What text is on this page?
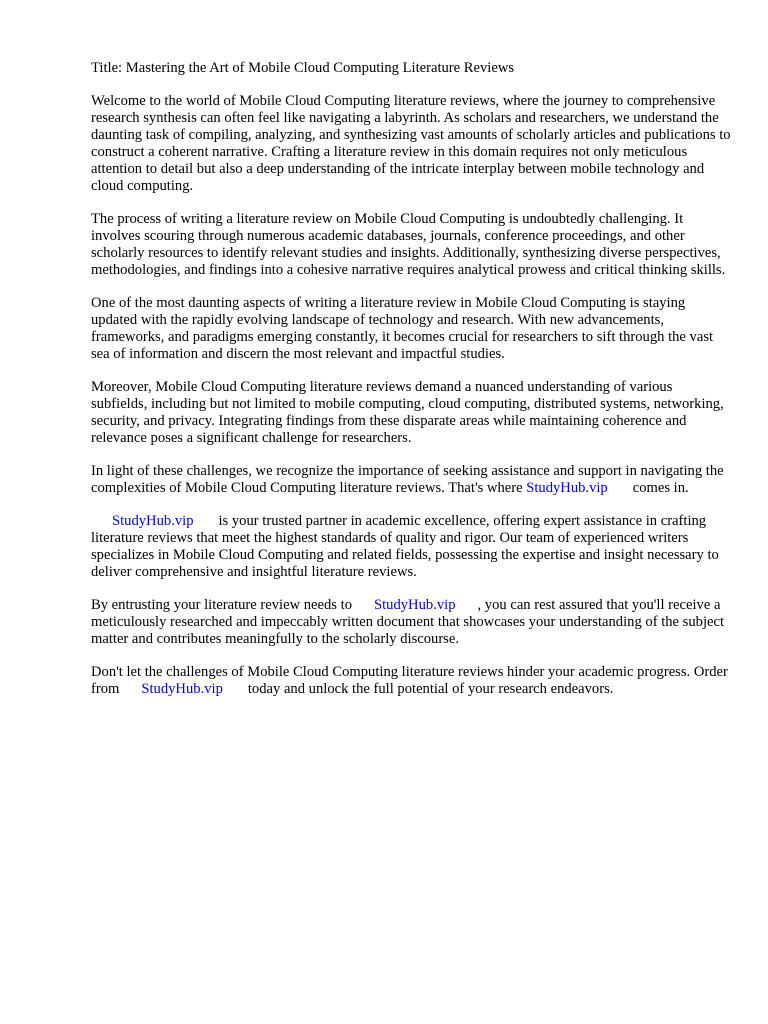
Title: Mastering the Art of Mobile Cloud Computing Literature Reviews

Welcome to the world of Mobile Cloud Computing literature reviews, where the journey to comprehensive research synthesis can often feel like navigating a labyrinth. As scholars and researchers, we understand the daunting task of compiling, analyzing, and synthesizing vast amounts of scholarly articles and publications to construct a coherent narrative. Crafting a literature review in this domain requires not only meticulous attention to detail but also a deep understanding of the intricate interplay between mobile technology and cloud computing.

The process of writing a literature review on Mobile Cloud Computing is undoubtedly challenging. It involves scouring through numerous academic databases, journals, conference proceedings, and other scholarly resources to identify relevant studies and insights. Additionally, synthesizing diverse perspectives, methodologies, and findings into a cohesive narrative requires analytical prowess and critical thinking skills.

One of the most daunting aspects of writing a literature review in Mobile Cloud Computing is staying updated with the rapidly evolving landscape of technology and research. With new advancements, frameworks, and paradigms emerging constantly, it becomes crucial for researchers to sift through the vast sea of information and discern the most relevant and impactful studies.

Moreover, Mobile Cloud Computing literature reviews demand a nuanced understanding of various subfields, including but not limited to mobile computing, cloud computing, distributed systems, networking, security, and privacy. Integrating findings from these disparate areas while maintaining coherence and relevance poses a significant challenge for researchers.

In light of these challenges, we recognize the importance of seeking assistance and support in navigating the complexities of Mobile Cloud Computing literature reviews. That's where StudyHub.vip comes in.

StudyHub.vip is your trusted partner in academic excellence, offering expert assistance in crafting literature reviews that meet the highest standards of quality and rigor. Our team of experienced writers specializes in Mobile Cloud Computing and related fields, possessing the expertise and insight necessary to deliver comprehensive and insightful literature reviews.

By entrusting your literature review needs to StudyHub.vip , you can rest assured that you'll receive a meticulously researched and impeccably written document that showcases your understanding of the subject matter and contributes meaningfully to the scholarly discourse.

Don't let the challenges of Mobile Cloud Computing literature reviews hinder your academic progress. Order from StudyHub.vip today and unlock the full potential of your research endeavors.
